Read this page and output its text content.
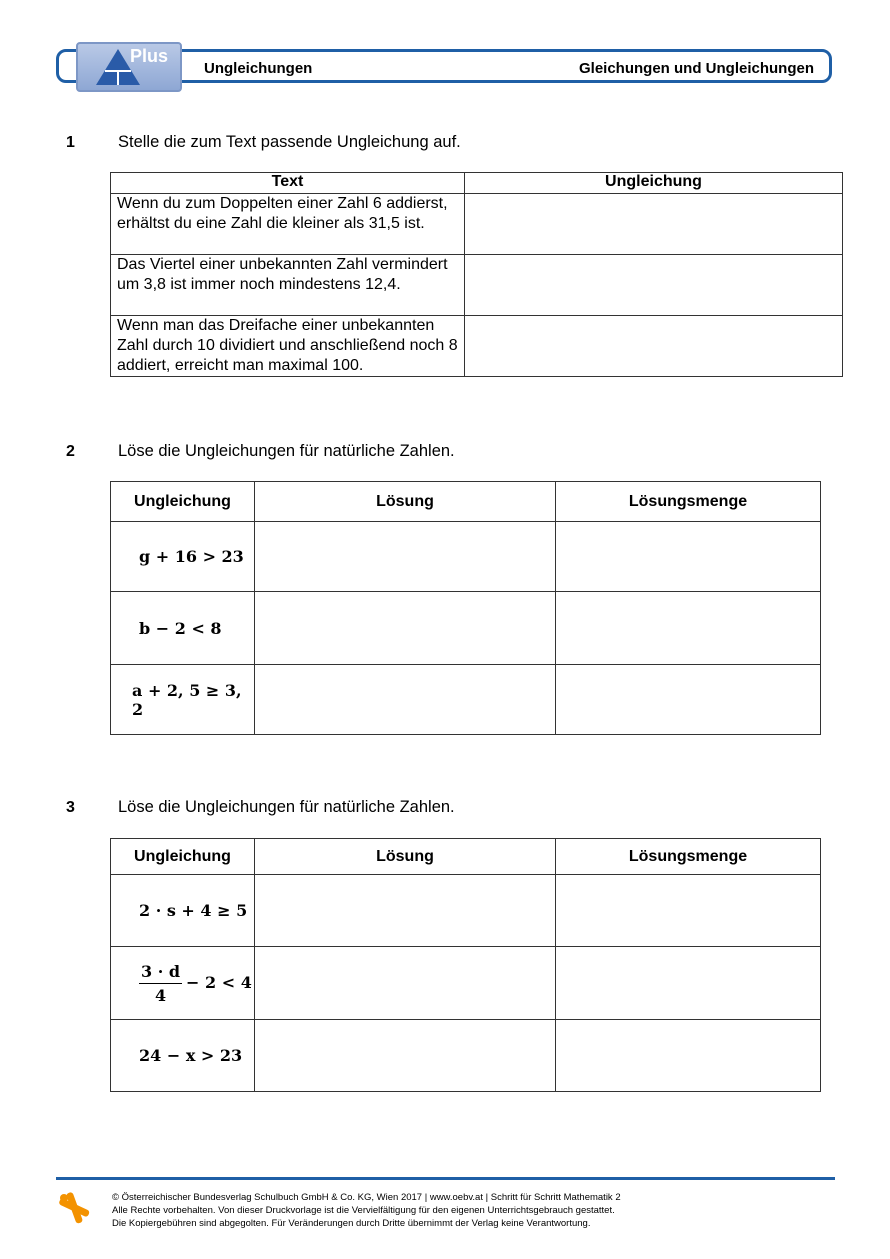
Plus
Ungleichungen	Gleichungen und Ungleichungen
1	Stelle die zum Text passende Ungleichung auf.
Text	Ungleichung
Wenn du zum Doppelten einer Zahl 6 addierst, erhältst du eine Zahl die kleiner als 31,5 ist.	
Das Viertel einer unbekannten Zahl vermindert um 3,8 ist immer noch mindestens 12,4.	
Wenn man das Dreifache einer unbekannten Zahl durch 10 dividiert und anschließend noch 8 addiert, erreicht man maximal 100.	
2	Löse die Ungleichungen für natürliche Zahlen.
Ungleichung	Lösung	Lösungsmenge
g + 16 > 23		
b − 2 < 8		
a + 2, 5 ≥ 3, 2		
3	Löse die Ungleichungen für natürliche Zahlen.
Ungleichung	Lösung	Lösungsmenge
2 · s + 4 ≥ 5		

$\frac{3 \cdot d}{4} - 2 < 4$		
24 − x > 23		
© Österreichischer Bundesverlag Schulbuch GmbH & Co. KG, Wien 2017 | www.oebv.at | Schritt für Schritt Mathematik 2
Alle Rechte vorbehalten. Von dieser Druckvorlage ist die Vervielfältigung für den eigenen Unterrichtsgebrauch gestattet.
Die Kopiergebühren sind abgegolten. Für Veränderungen durch Dritte übernimmt der Verlag keine Verantwortung.
